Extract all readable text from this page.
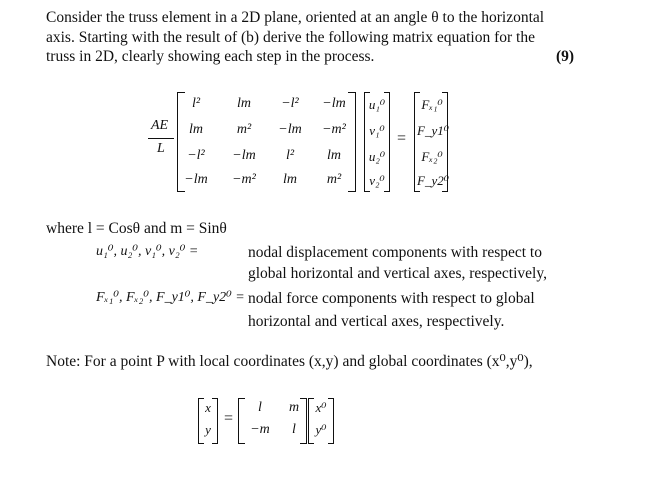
Consider the truss element in a 2D plane, oriented at an angle θ to the horizontal
axis. Starting with the result of (b) derive the following matrix equation for the
truss in 2D, clearly showing each step in the process.	(9)
AE
L
l²	lm	−l²	−lm
lm	m²	−lm	−m²
−l²	−lm	l²	lm
−lm	−m²	lm	m²
u₁⁰
v₁⁰
u₂⁰
v₂⁰
=
Fₓ₁⁰
F_y1⁰
Fₓ₂⁰
F_y2⁰
where l = Cosθ and m = Sinθ
u₁⁰, u₂⁰, v₁⁰, v₂⁰ =	nodal displacement components with respect to
global horizontal and vertical axes, respectively,
Fₓ₁⁰, Fₓ₂⁰, F_y1⁰, F_y2⁰ = nodal force components with respect to global
horizontal and vertical axes, respectively.
Note: For a point P with local coordinates (x,y) and global coordinates (x⁰,y⁰),
x
y
=
l	m
−m	l
x⁰
y⁰
